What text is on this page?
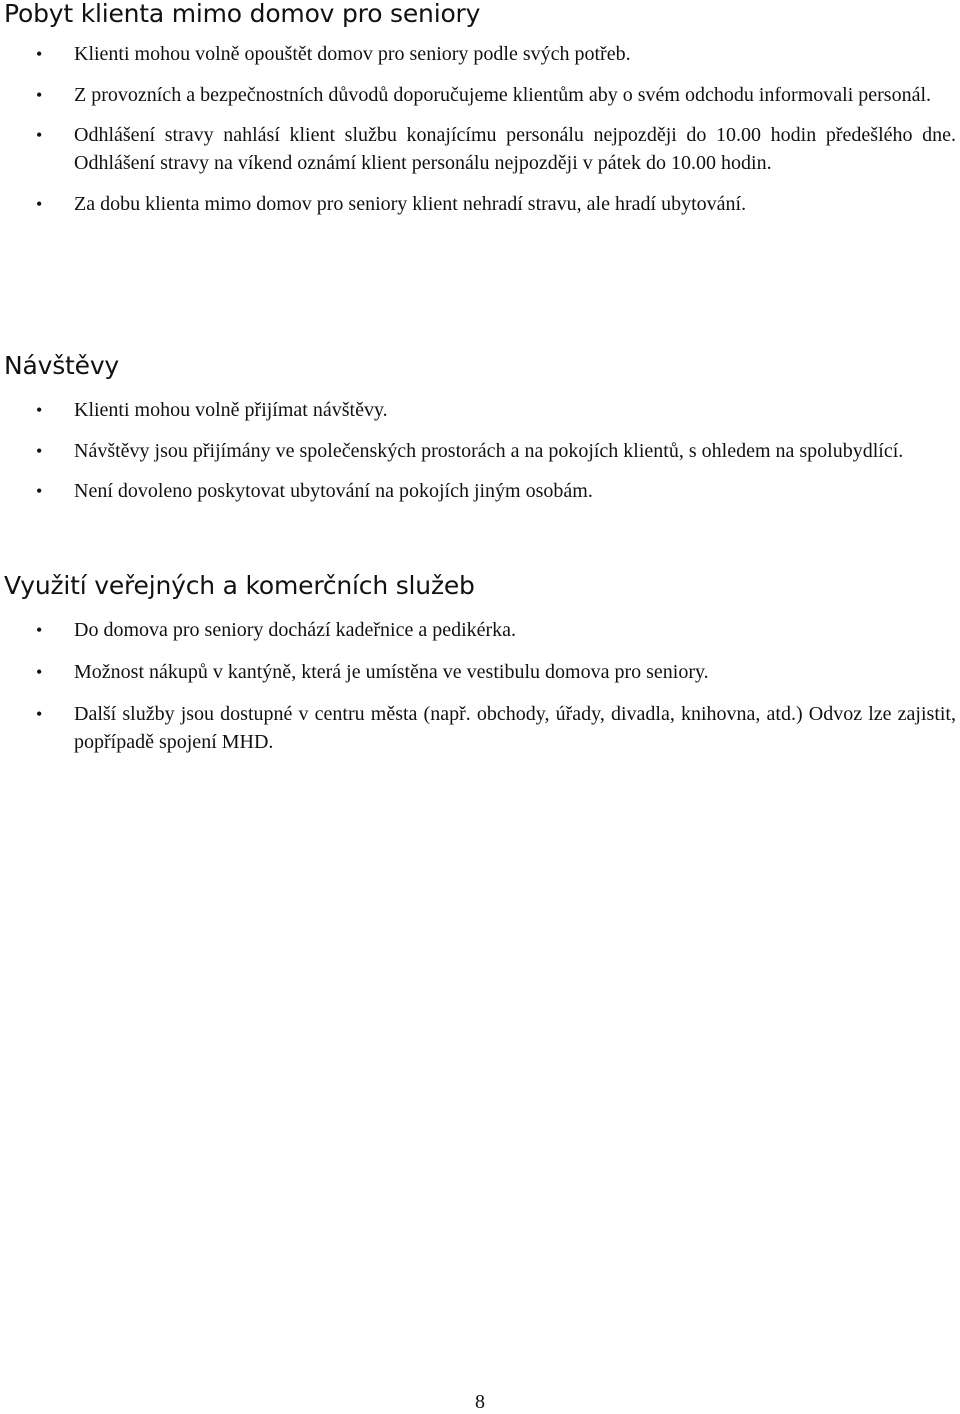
Pobyt klienta mimo domov pro seniory
• Klienti mohou volně opouštět domov pro seniory podle svých potřeb.
• Z provozních a bezpečnostních důvodů doporučujeme klientům aby o svém odchodu informovali personál.
• Odhlášení stravy nahlásí klient službu konajícímu personálu nejpozději do 10.00 hodin předešlého dne. Odhlášení stravy na víkend oznámí klient personálu nejpozději v pátek do 10.00 hodin.
• Za dobu klienta mimo domov pro seniory klient nehradí stravu, ale hradí ubytování.
Návštěvy
• Klienti mohou volně přijímat návštěvy.
• Návštěvy jsou přijímány ve společenských prostorách a na pokojích klientů, s ohledem na spolubydlící.
• Není dovoleno poskytovat ubytování na pokojích jiným osobám.
Využití veřejných a komerčních služeb
• Do domova pro seniory dochází kadeřnice a pedikérka.
• Možnost nákupů v kantýně, která je umístěna ve vestibulu domova pro seniory.
• Další služby jsou dostupné v centru města (např. obchody, úřady, divadla, knihovna, atd.) Odvoz lze zajistit, popřípadě spojení MHD.
8
